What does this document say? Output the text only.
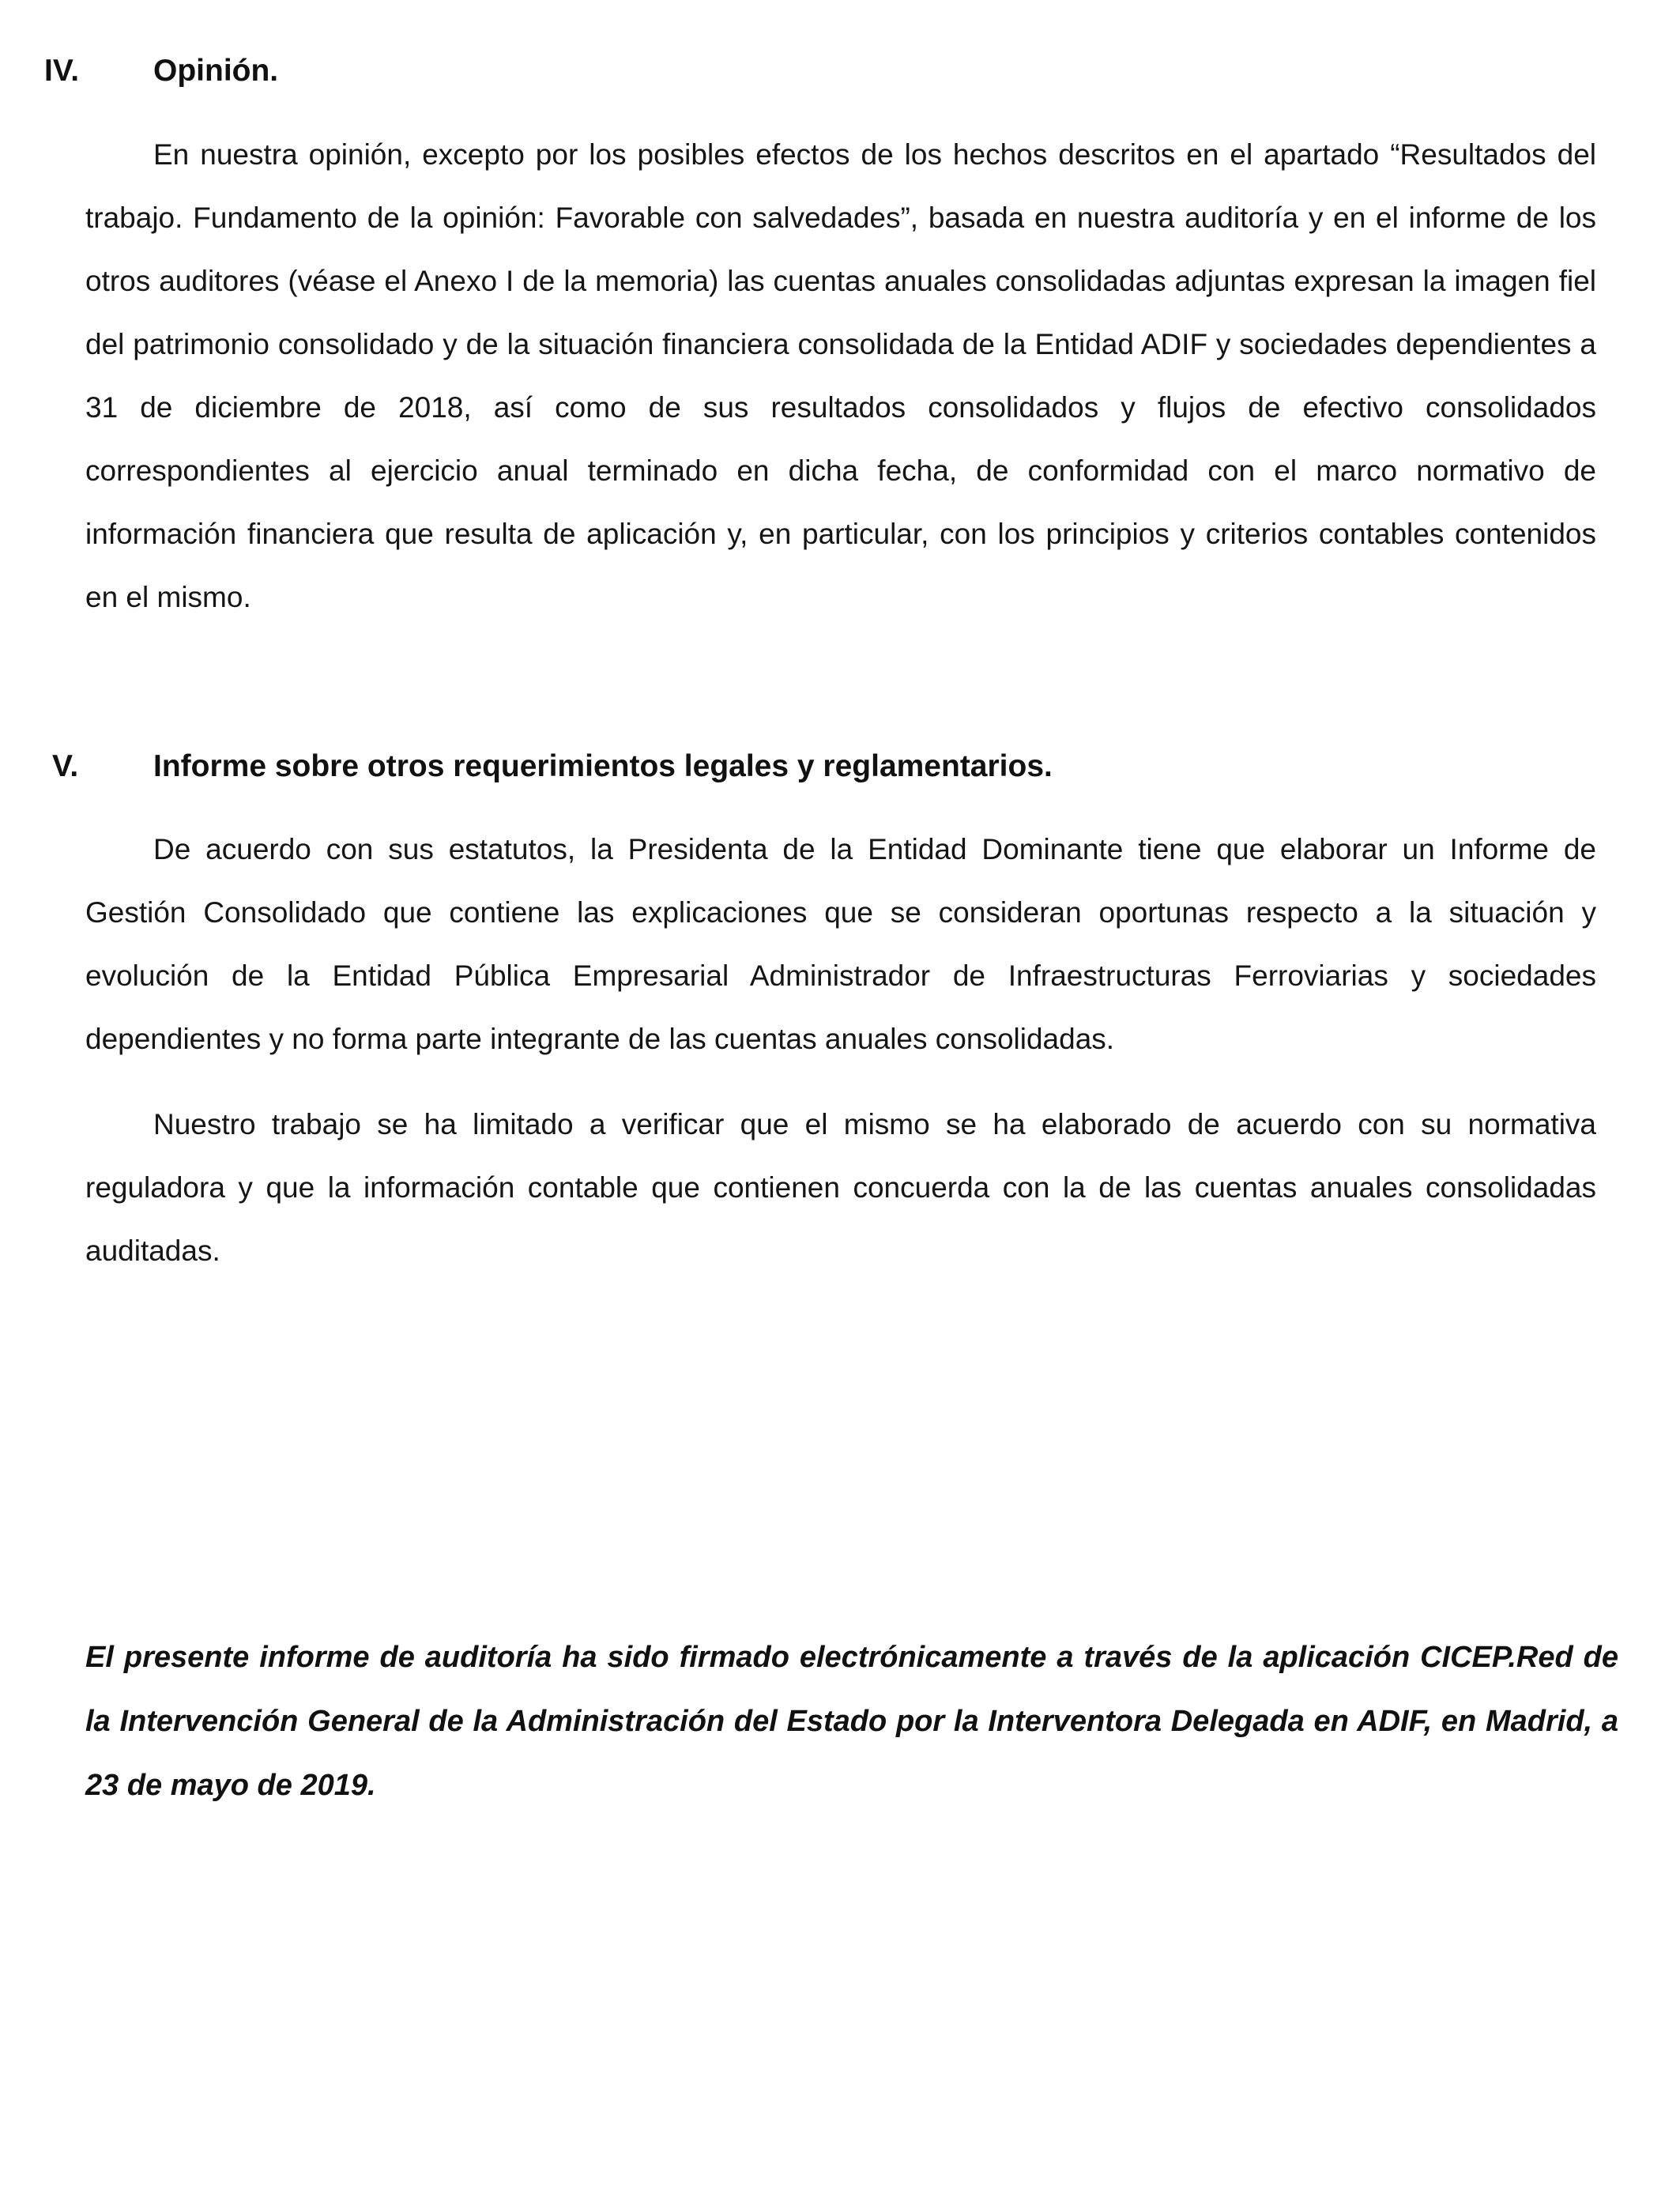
IV. Opinión.

En nuestra opinión, excepto por los posibles efectos de los hechos descritos en el apartado “Resultados del trabajo. Fundamento de la opinión: Favorable con salvedades”, basada en nuestra auditoría y en el informe de los otros auditores (véase el Anexo I de la memoria) las cuentas anuales consolidadas adjuntas expresan la imagen fiel del patrimonio consolidado y de la situación financiera consolidada de la Entidad ADIF y sociedades dependientes a 31 de diciembre de 2018, así como de sus resultados consolidados y flujos de efectivo consolidados correspondientes al ejercicio anual terminado en dicha fecha, de conformidad con el marco normativo de información financiera que resulta de aplicación y, en particular, con los principios y criterios contables contenidos en el mismo.

V. Informe sobre otros requerimientos legales y reglamentarios.

De acuerdo con sus estatutos, la Presidenta de la Entidad Dominante tiene que elaborar un Informe de Gestión Consolidado que contiene las explicaciones que se consideran oportunas respecto a la situación y evolución de la Entidad Pública Empresarial Administrador de Infraestructuras Ferroviarias y sociedades dependientes y no forma parte integrante de las cuentas anuales consolidadas.

Nuestro trabajo se ha limitado a verificar que el mismo se ha elaborado de acuerdo con su normativa reguladora y que la información contable que contienen concuerda con la de las cuentas anuales consolidadas auditadas.

El presente informe de auditoría ha sido firmado electrónicamente a través de la aplicación CICEP.Red de la Intervención General de la Administración del Estado por la Interventora Delegada en ADIF, en Madrid, a 23 de mayo de 2019.
